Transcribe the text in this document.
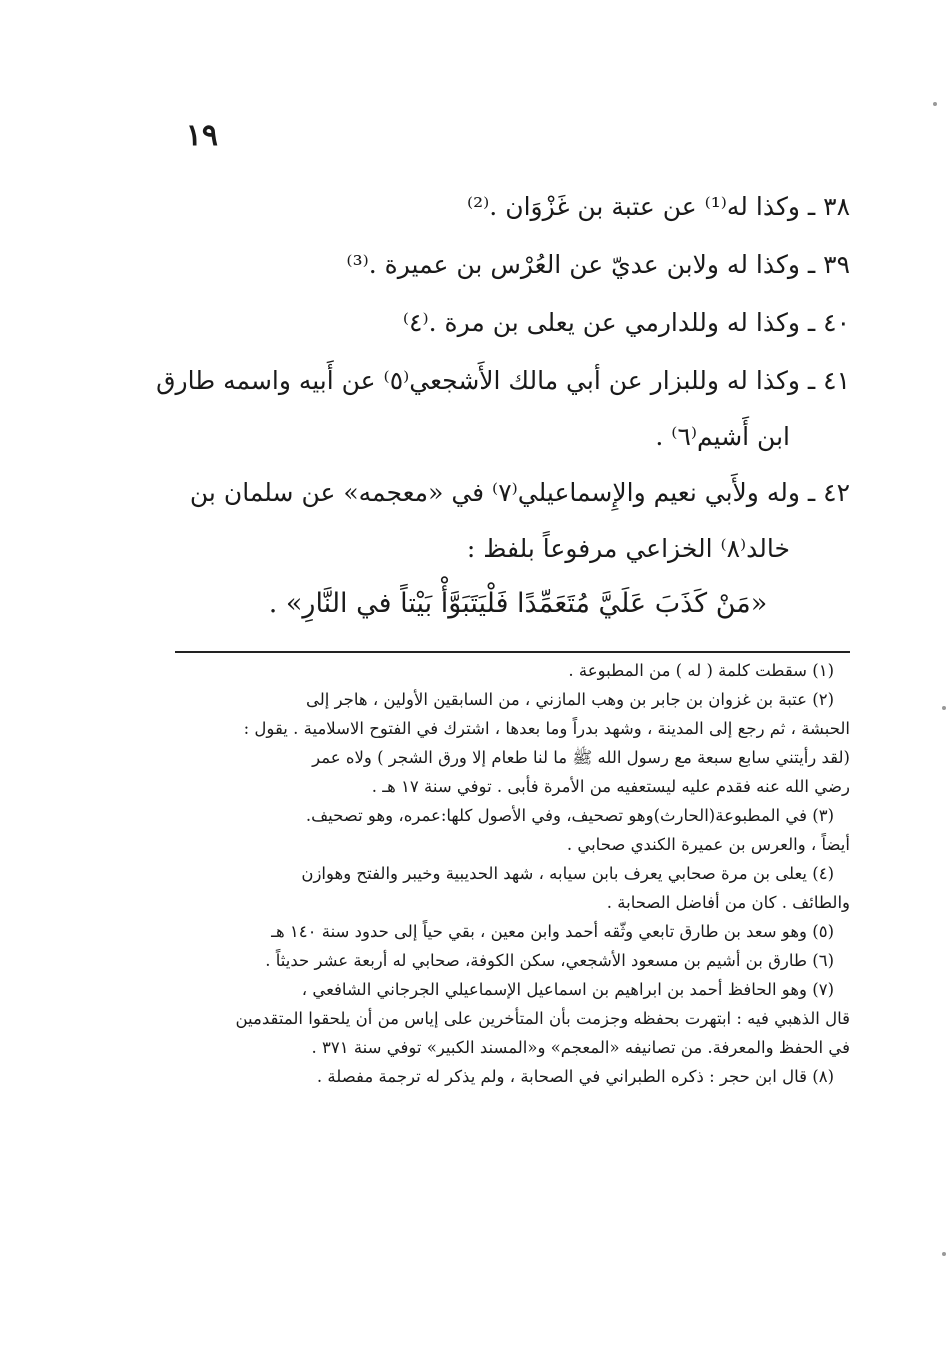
١٩
٣٨ ـ وكذا له⁽¹⁾ عن عتبة بن غَزْوَان .⁽²⁾
٣٩ ـ وكذا له ولابن عديّ عن العُرْس بن عميرة .⁽³⁾
٤٠ ـ وكذا له وللدارمي عن يعلى بن مرة .⁽٤⁾
٤١ ـ وكذا له وللبزار عن أبي مالك الأَشجعي⁽٥⁾ عن أَبيه واسمه طارق
ابن أَشيم⁽٦⁾ .
٤٢ ـ وله ولأَبي نعيم والإِسماعيلي⁽٧⁾ في «معجمه» عن سلمان بن
خالد⁽٨⁾ الخزاعي مرفوعاً بلفظ :
«مَنْ كَذَبَ عَلَيَّ مُتَعَمِّدًا فَلْيَتَبَوَّأْ بَيْتاً في النَّارِ» .
(١) سقطت كلمة ( له ) من المطبوعة .
(٢) عتبة بن غزوان بن جابر بن وهب المازني ، من السابقين الأولين ، هاجر إلى
الحبشة ، ثم رجع إلى المدينة ، وشهد بدراً وما بعدها ، اشترك في الفتوح الاسلامية . يقول :
(لقد رأيتني سابع سبعة مع رسول الله ﷺ ما لنا طعام إلا ورق الشجر ) ولاه عمر
رضي الله عنه فقدم عليه ليستعفيه من الأمرة فأبى . توفي سنة ١٧ هـ .
(٣) في المطبوعة(الحارث)وهو تصحيف، وفي الأصول كلها:عمره، وهو تصحيف.
أيضاً ، والعرس بن عميرة الكندي صحابي .
(٤) يعلى بن مرة صحابي يعرف بابن سيابه ، شهد الحديبية وخيبر والفتح وهوازن
والطائف . كان من أفاضل الصحابة .
(٥) وهو سعد بن طارق تابعي وثّقه أحمد وابن معين ، بقي حياً إلى حدود سنة ١٤٠ هـ
(٦) طارق بن أشيم بن مسعود الأشجعي، سكن الكوفة، صحابي له أربعة عشر حديثاً .
(٧) وهو الحافظ أحمد بن ابراهيم بن اسماعيل الإسماعيلي الجرجاني الشافعي ،
قال الذهبي فيه : ابتهرت بحفظه وجزمت بأن المتأخرين على إياس من أن يلحقوا المتقدمين
في الحفظ والمعرفة. من تصانيفه «المعجم» و«المسند الكبير» توفي سنة ٣٧١ .
(٨) قال ابن حجر : ذكره الطبراني في الصحابة ، ولم يذكر له ترجمة مفصلة .
